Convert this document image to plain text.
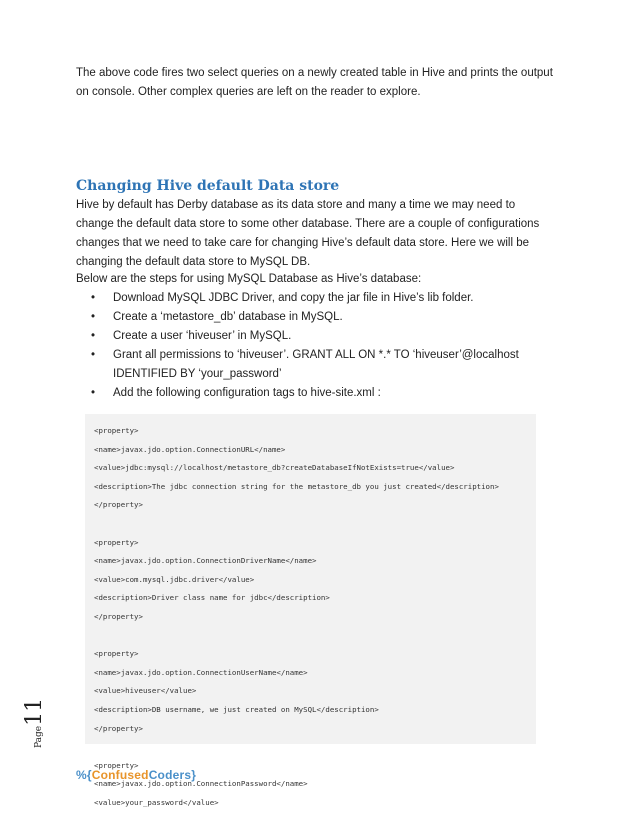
The above code fires two select queries on a newly created table in Hive and prints the output on console. Other complex queries are left on the reader to explore.

Changing Hive default Data store

Hive by default has Derby database as its data store and many a time we may need to change the default data store to some other database. There are a couple of configurations changes that we need to take care for changing Hive’s default data store. Here we will be changing the default data store to MySQL DB.

Below are the steps for using MySQL Database as Hive’s database:

• Download MySQL JDBC Driver, and copy the jar file in Hive’s lib folder.
• Create a ‘metastore_db’ database in MySQL.
• Create a user ‘hiveuser’ in MySQL.
• Grant all permissions to ‘hiveuser’. GRANT ALL ON *.* TO ‘hiveuser’@localhost IDENTIFIED BY ‘your_password’
• Add the following configuration tags to hive-site.xml :
<property>
<name>javax.jdo.option.ConnectionURL</name>
<value>jdbc:mysql://localhost/metastore_db?createDatabaseIfNotExists=true</value>
<description>The jdbc connection string for the metastore_db you just created</description>
</property>
<property>
<name>javax.jdo.option.ConnectionDriverName</name>
<value>com.mysql.jdbc.driver</value>
<description>Driver class name for jdbc</description>
</property>
<property>
<name>javax.jdo.option.ConnectionUserName</name>
<value>hiveuser</value>
<description>DB username, we just created on MySQL</description>
</property>
<property>
<name>javax.jdo.option.ConnectionPassword</name>
<value>your_password</value>
Page11
%{ConfusedCoders}
